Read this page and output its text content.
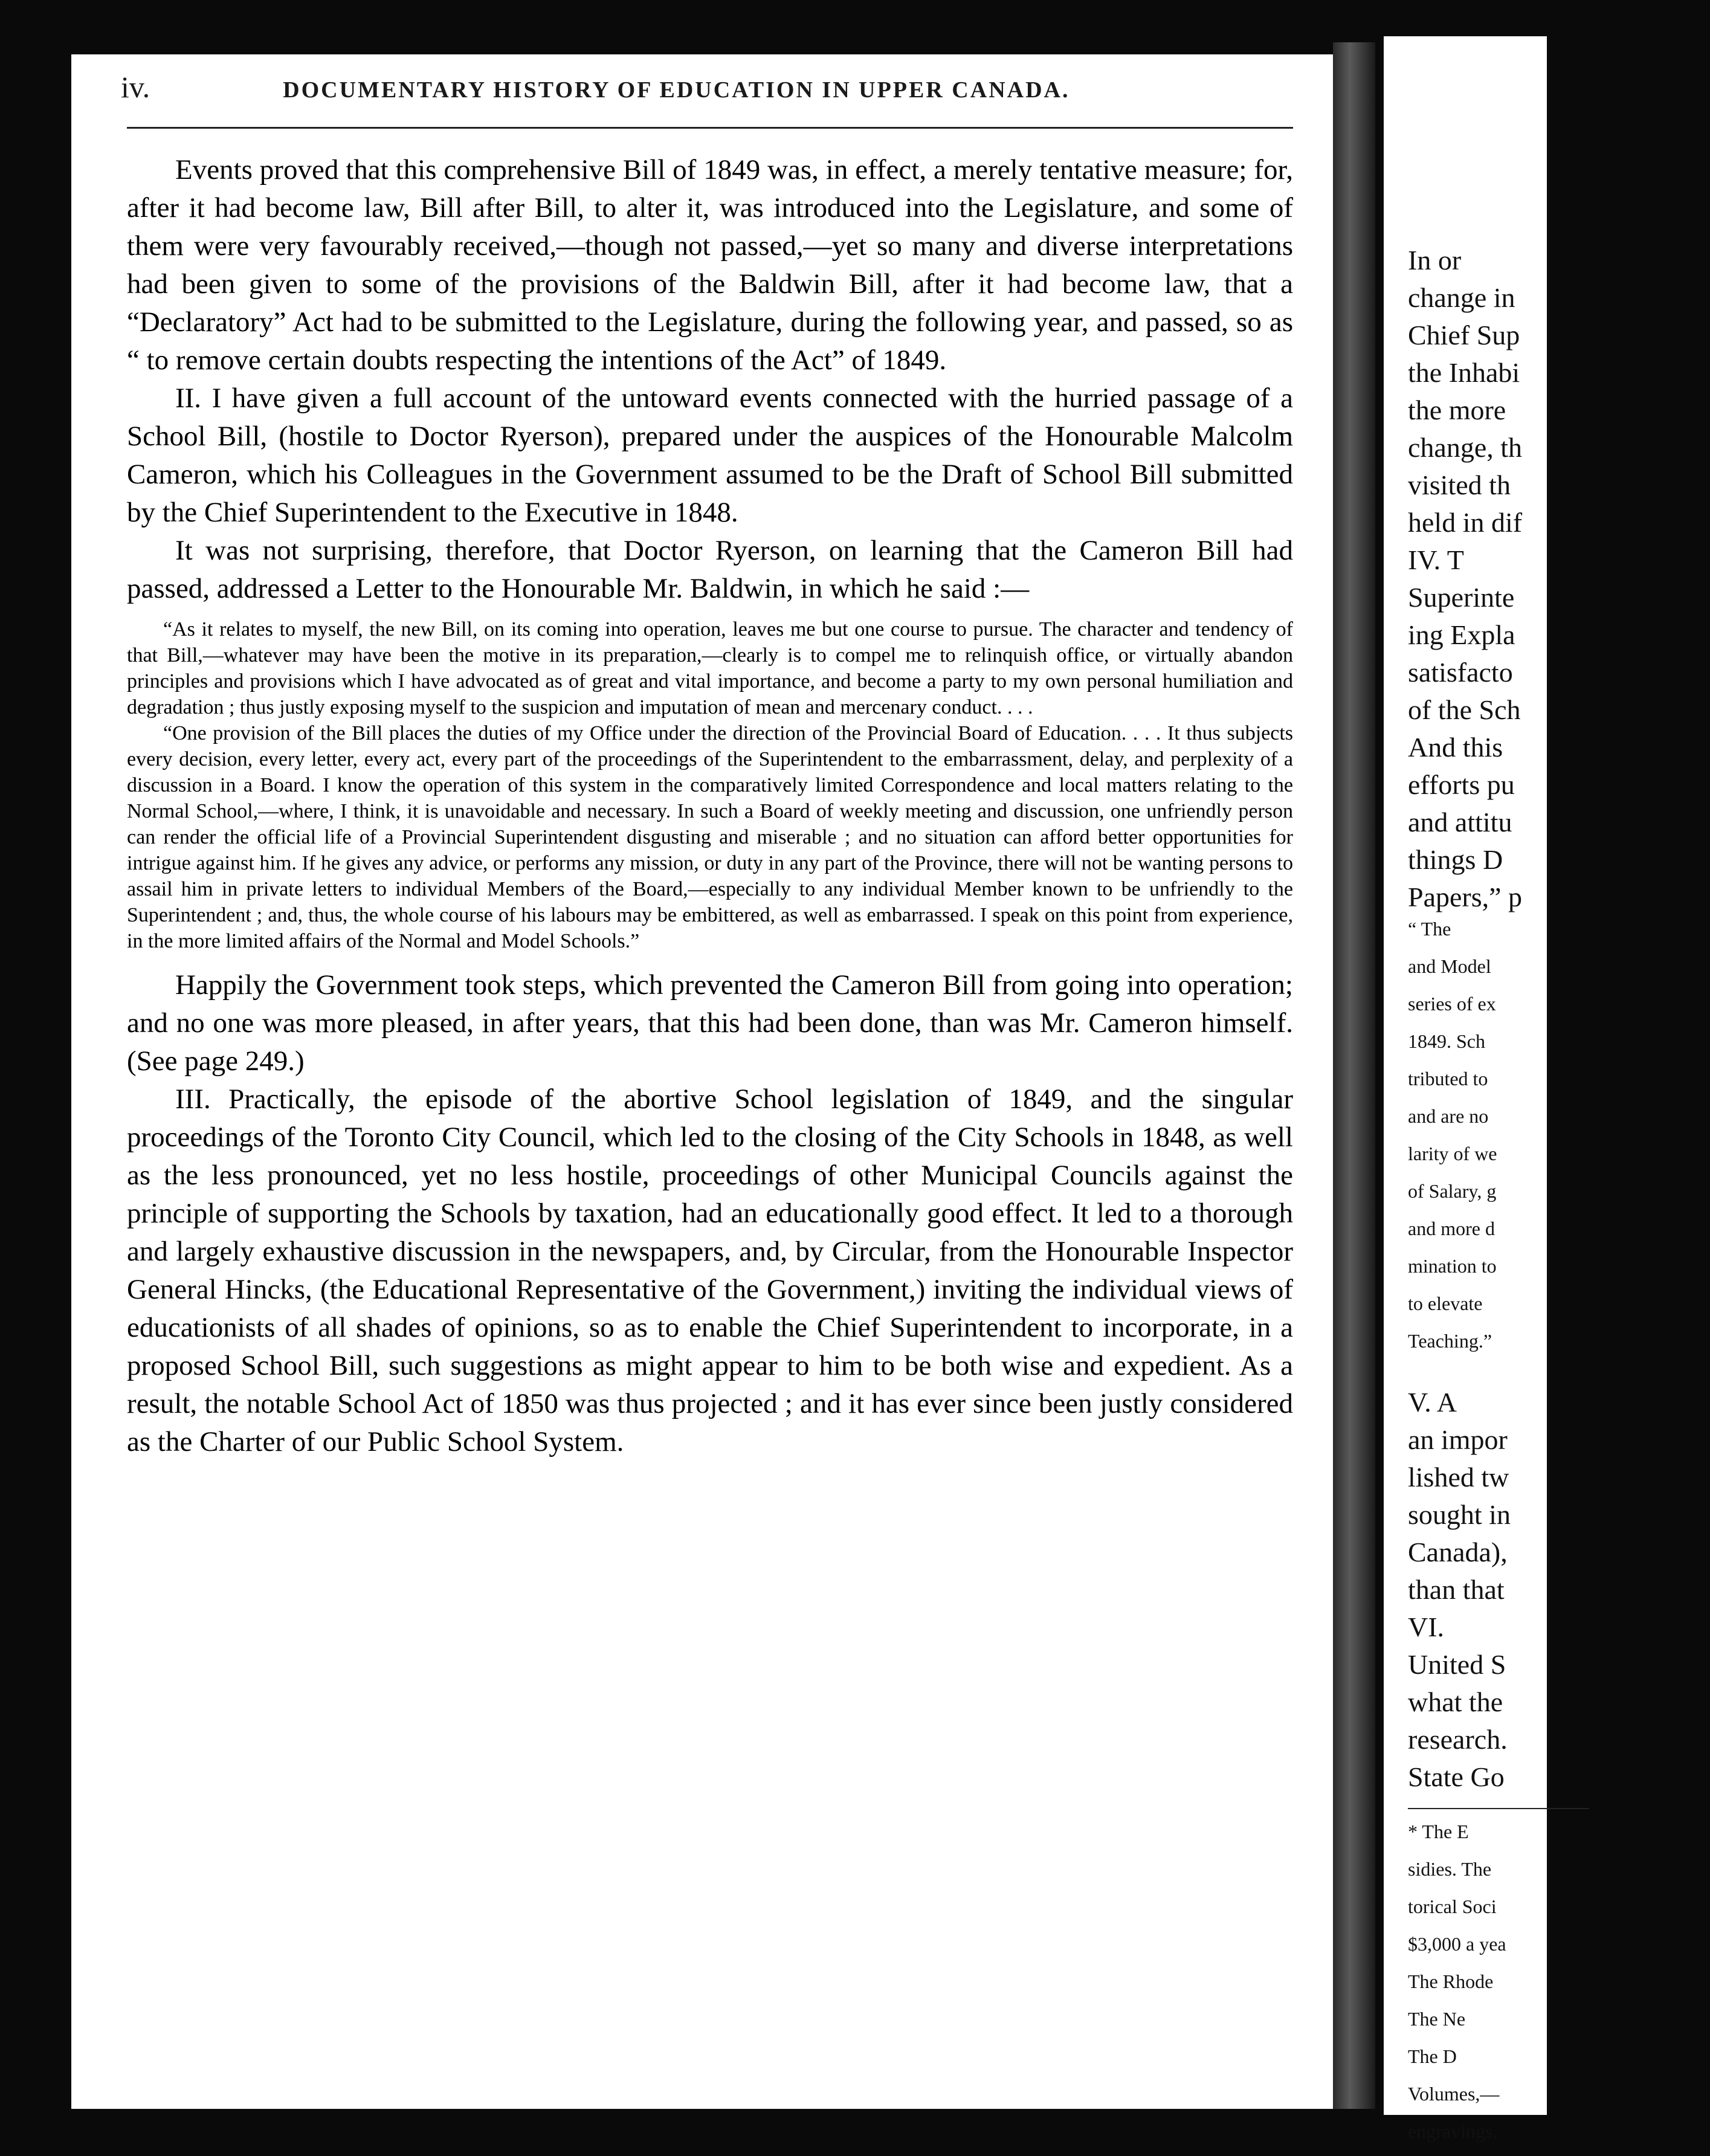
iv.	DOCUMENTARY HISTORY OF EDUCATION IN UPPER CANADA.

Events proved that this comprehensive Bill of 1849 was, in effect, a merely tentative measure; for, after it had become law, Bill after Bill, to alter it, was introduced into the Legislature, and some of them were very favourably received,—though not passed,—yet so many and diverse interpretations had been given to some of the provisions of the Baldwin Bill, after it had become law, that a “Declaratory” Act had to be submitted to the Legislature, during the following year, and passed, so as “ to remove certain doubts respecting the intentions of the Act” of 1849.

II. I have given a full account of the untoward events connected with the hurried passage of a School Bill, (hostile to Doctor Ryerson), prepared under the auspices of the Honourable Malcolm Cameron, which his Colleagues in the Government assumed to be the Draft of School Bill submitted by the Chief Superintendent to the Executive in 1848.

It was not surprising, therefore, that Doctor Ryerson, on learning that the Cameron Bill had passed, addressed a Letter to the Honourable Mr. Baldwin, in which he said :—

“As it relates to myself, the new Bill, on its coming into operation, leaves me but one course to pursue. The character and tendency of that Bill,—whatever may have been the motive in its preparation,—clearly is to compel me to relinquish office, or virtually abandon principles and provisions which I have advocated as of great and vital importance, and become a party to my own personal humiliation and degradation ; thus justly exposing myself to the suspicion and imputation of mean and mercenary conduct. . . .

“One provision of the Bill places the duties of my Office under the direction of the Provincial Board of Education. . . . It thus subjects every decision, every letter, every act, every part of the proceedings of the Superintendent to the embarrassment, delay, and perplexity of a discussion in a Board. I know the operation of this system in the comparatively limited Correspondence and local matters relating to the Normal School,—where, I think, it is unavoidable and necessary. In such a Board of weekly meeting and discussion, one unfriendly person can render the official life of a Provincial Superintendent disgusting and miserable ; and no situation can afford better opportunities for intrigue against him. If he gives any advice, or performs any mission, or duty in any part of the Province, there will not be wanting persons to assail him in private letters to individual Members of the Board,—especially to any individual Member known to be unfriendly to the Superintendent ; and, thus, the whole course of his labours may be embittered, as well as embarrassed. I speak on this point from experience, in the more limited affairs of the Normal and Model Schools.”

Happily the Government took steps, which prevented the Cameron Bill from going into operation; and no one was more pleased, in after years, that this had been done, than was Mr. Cameron himself. (See page 249.)

III. Practically, the episode of the abortive School legislation of 1849, and the singular proceedings of the Toronto City Council, which led to the closing of the City Schools in 1848, as well as the less pronounced, yet no less hostile, proceedings of other Municipal Councils against the principle of supporting the Schools by taxation, had an educationally good effect. It led to a thorough and largely exhaustive discussion in the newspapers, and, by Circular, from the Honourable Inspector General Hincks, (the Educational Representative of the Government,) inviting the individual views of educationists of all shades of opinions, so as to enable the Chief Superintendent to incorporate, in a proposed School Bill, such suggestions as might appear to him to be both wise and expedient. As a result, the notable School Act of 1850 was thus projected ; and it has ever since been justly considered as the Charter of our Public School System.

In or
change in
Chief Sup
the Inhabi
the more
change, th
visited th
held in dif
IV. T
Superinte
ing Expla
satisfacto
of the Sch
And this
efforts pu
and attitu
things D
Papers,” p
“ The
and Model
series of ex
1849. Sch
tributed to
and are no
larity of we
of Salary, g
and more d
mination to
to elevate
Teaching.”
V. A
an impor
lished tw
sought in
Canada),
than that
VI.
United S
what the
research.
State Go
* The E
sidies. The
torical Soci
$3,000 a yea
The Rhode
The Ne
The D
Volumes,—
engravings.
